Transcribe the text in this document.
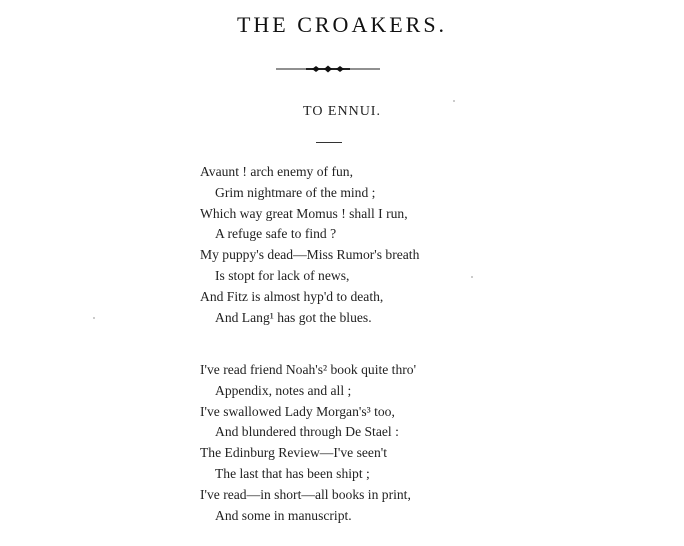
THE CROAKERS.
TO ENNUI.
Avaunt ! arch enemy of fun,
Grim nightmare of the mind ;
Which way great Momus ! shall I run,
A refuge safe to find ?
My puppy's dead—Miss Rumor's breath
Is stopt for lack of news,
And Fitz is almost hyp'd to death,
And Lang¹ has got the blues.
I've read friend Noah's² book quite thro'
Appendix, notes and all ;
I've swallowed Lady Morgan's³ too,
And blundered through De Stael :
The Edinburg Review—I've seen't
The last that has been shipt ;
I've read—in short—all books in print,
And some in manuscript.
